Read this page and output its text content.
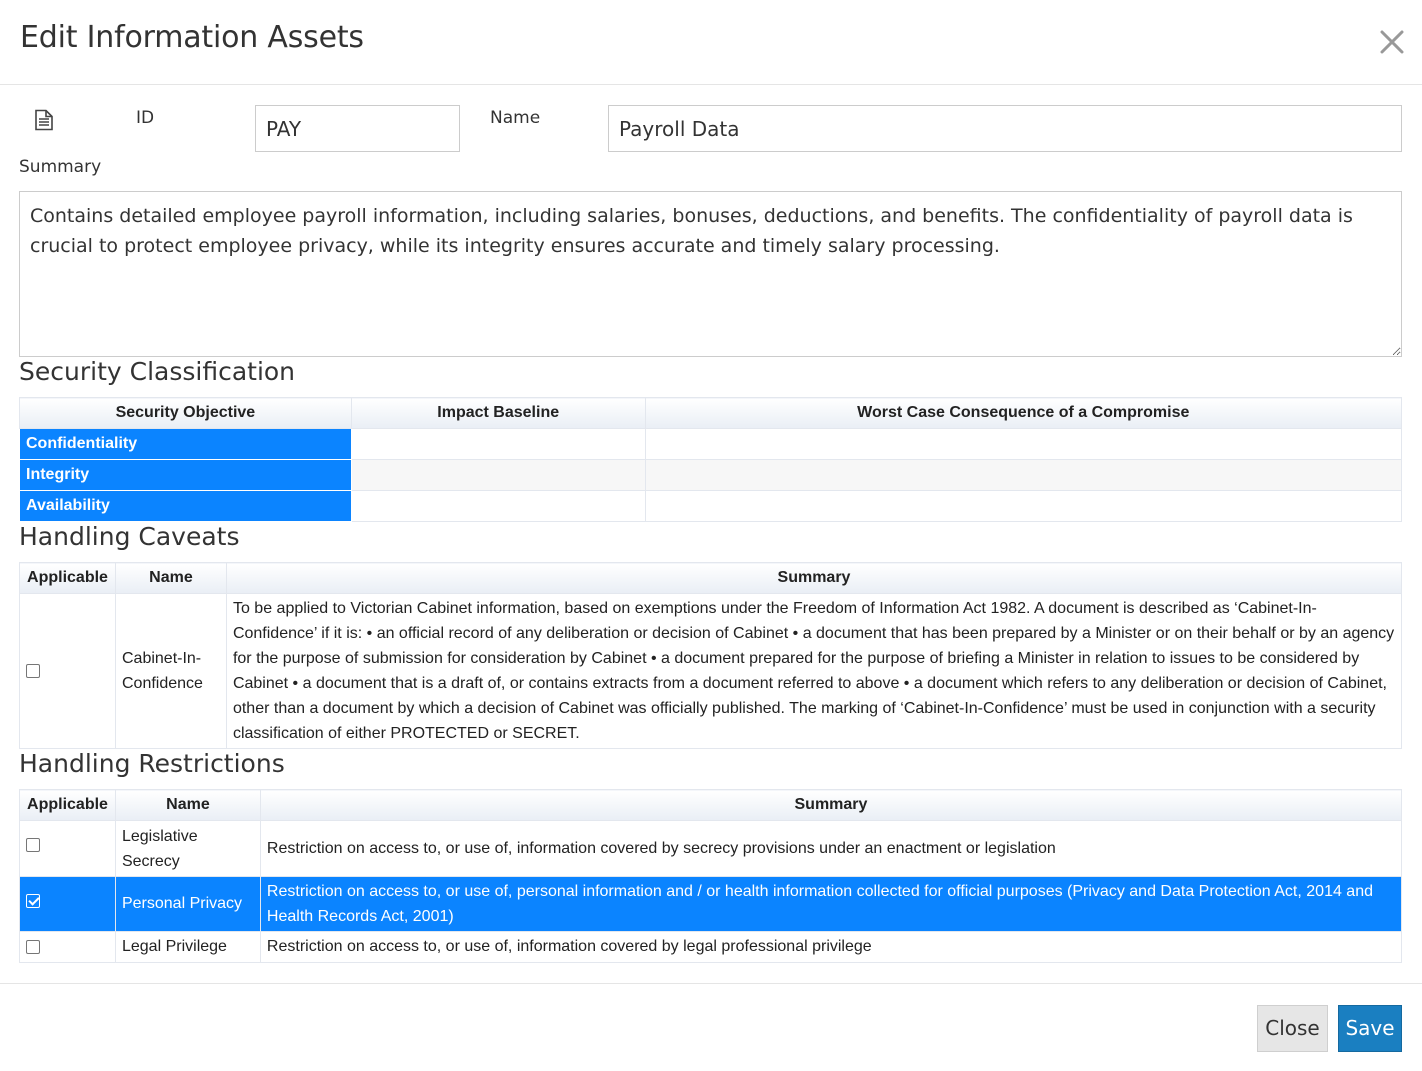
Edit Information Assets
ID
PAY	Name
Payroll Data
Summary
Contains detailed employee payroll information, including salaries, bonuses, deductions, and benefits. The confidentiality of payroll data is crucial to protect employee privacy, while its integrity ensures accurate and timely salary processing.
Security Classification
Security Objective	Impact Baseline	Worst Case Consequence of a Compromise
Confidentiality		
Integrity		
Availability		
Handling Caveats
Applicable	Name	Summary
	Cabinet-In-Confidence	To be applied to Victorian Cabinet information, based on exemptions under the Freedom of Information Act 1982. A document is described as ‘Cabinet-In-Confidence’ if it is: • an official record of any deliberation or decision of Cabinet • a document that has been prepared by a Minister or on their behalf or by an agency for the purpose of submission for consideration by Cabinet • a document prepared for the purpose of briefing a Minister in relation to issues to be considered by Cabinet • a document that is a draft of, or contains extracts from a document referred to above • a document which refers to any deliberation or decision of Cabinet, other than a document by which a decision of Cabinet was officially published. The marking of ‘Cabinet-In-Confidence’ must be used in conjunction with a security classification of either PROTECTED or SECRET.
Handling Restrictions
Applicable	Name	Summary
	Legislative Secrecy	Restriction on access to, or use of, information covered by secrecy provisions under an enactment or legislation
	Personal Privacy	Restriction on access to, or use of, personal information and / or health information collected for official purposes (Privacy and Data Protection Act, 2014 and Health Records Act, 2001)
	Legal Privilege	Restriction on access to, or use of, information covered by legal professional privilege
Close	Save
